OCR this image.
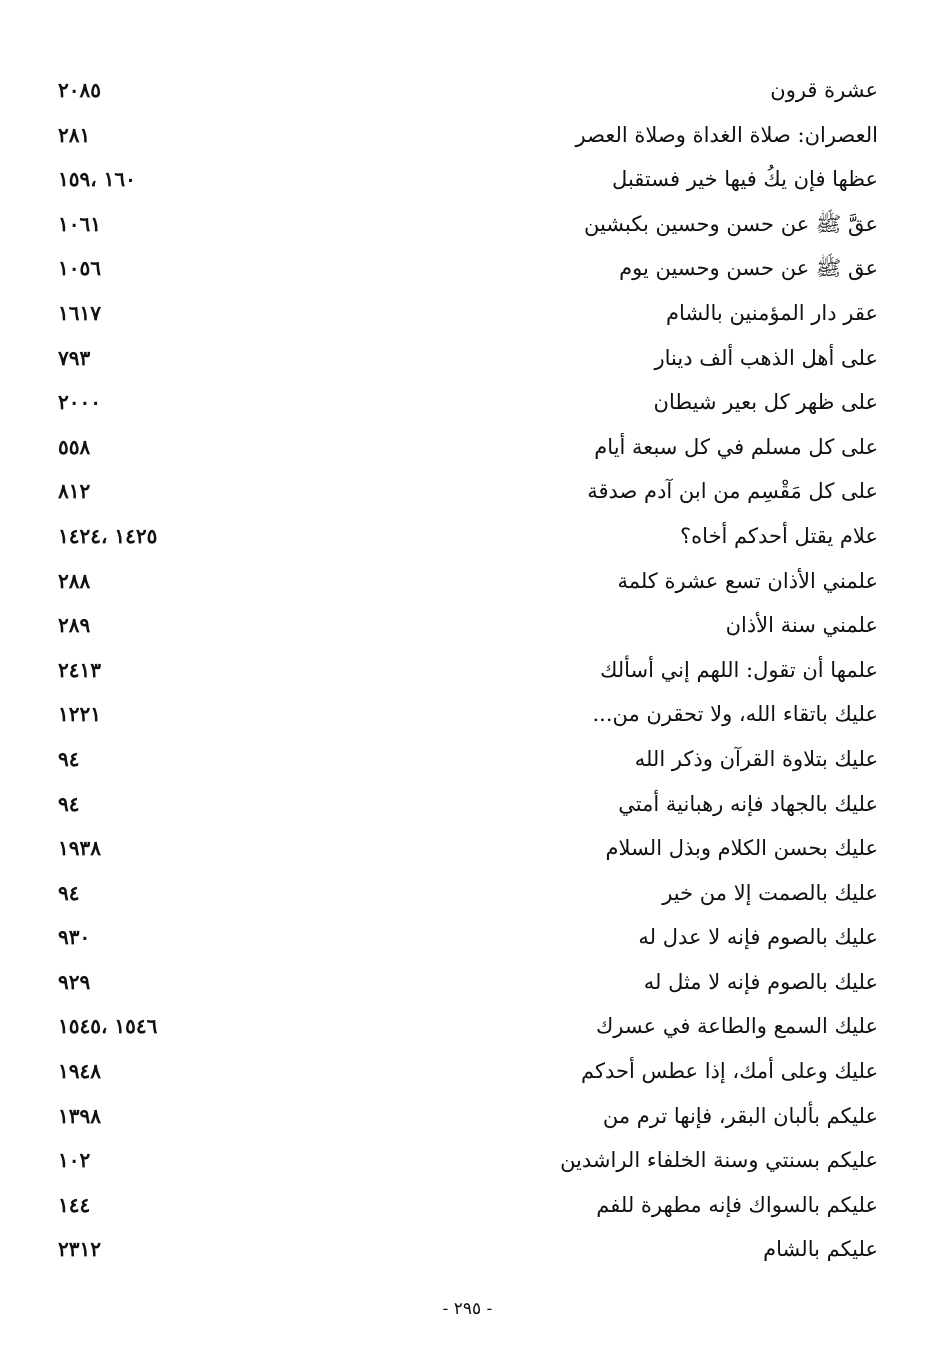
عشرة قرون
٢٠٨٥
العصران: صلاة الغداة وصلاة العصر
٢٨١
عظها فإن يكُ فيها خير فستقبل
١٦٠ ،١٥٩
عقَّ ﷺ عن حسن وحسين بكبشين
١٠٦١
عق ﷺ عن حسن وحسين يوم
١٠٥٦
عقر دار المؤمنين بالشام
١٦١٧
على أهل الذهب ألف دينار
٧٩٣
على ظهر كل بعير شيطان
٢٠٠٠
على كل مسلم في كل سبعة أيام
٥٥٨
على كل مَقْسِم من ابن آدم صدقة
٨١٢
علام يقتل أحدكم أخاه؟
١٤٢٥ ،١٤٢٤
علمني الأذان تسع عشرة كلمة
٢٨٨
علمني سنة الأذان
٢٨٩
علمها أن تقول: اللهم إني أسألك
٢٤١٣
عليك باتقاء الله، ولا تحقرن من...
١٢٢١
عليك بتلاوة القرآن وذكر الله
٩٤
عليك بالجهاد فإنه رهبانية أمتي
٩٤
عليك بحسن الكلام وبذل السلام
١٩٣٨
عليك بالصمت إلا من خير
٩٤
عليك بالصوم فإنه لا عدل له
٩٣٠
عليك بالصوم فإنه لا مثل له
٩٢٩
عليك السمع والطاعة في عسرك
١٥٤٦ ،١٥٤٥
عليك وعلى أمك، إذا عطس أحدكم
١٩٤٨
عليكم بألبان البقر، فإنها ترم من
١٣٩٨
عليكم بسنتي وسنة الخلفاء الراشدين
١٠٢
عليكم بالسواك فإنه مطهرة للفم
١٤٤
عليكم بالشام
٢٣١٢
- ٢٩٥ -
